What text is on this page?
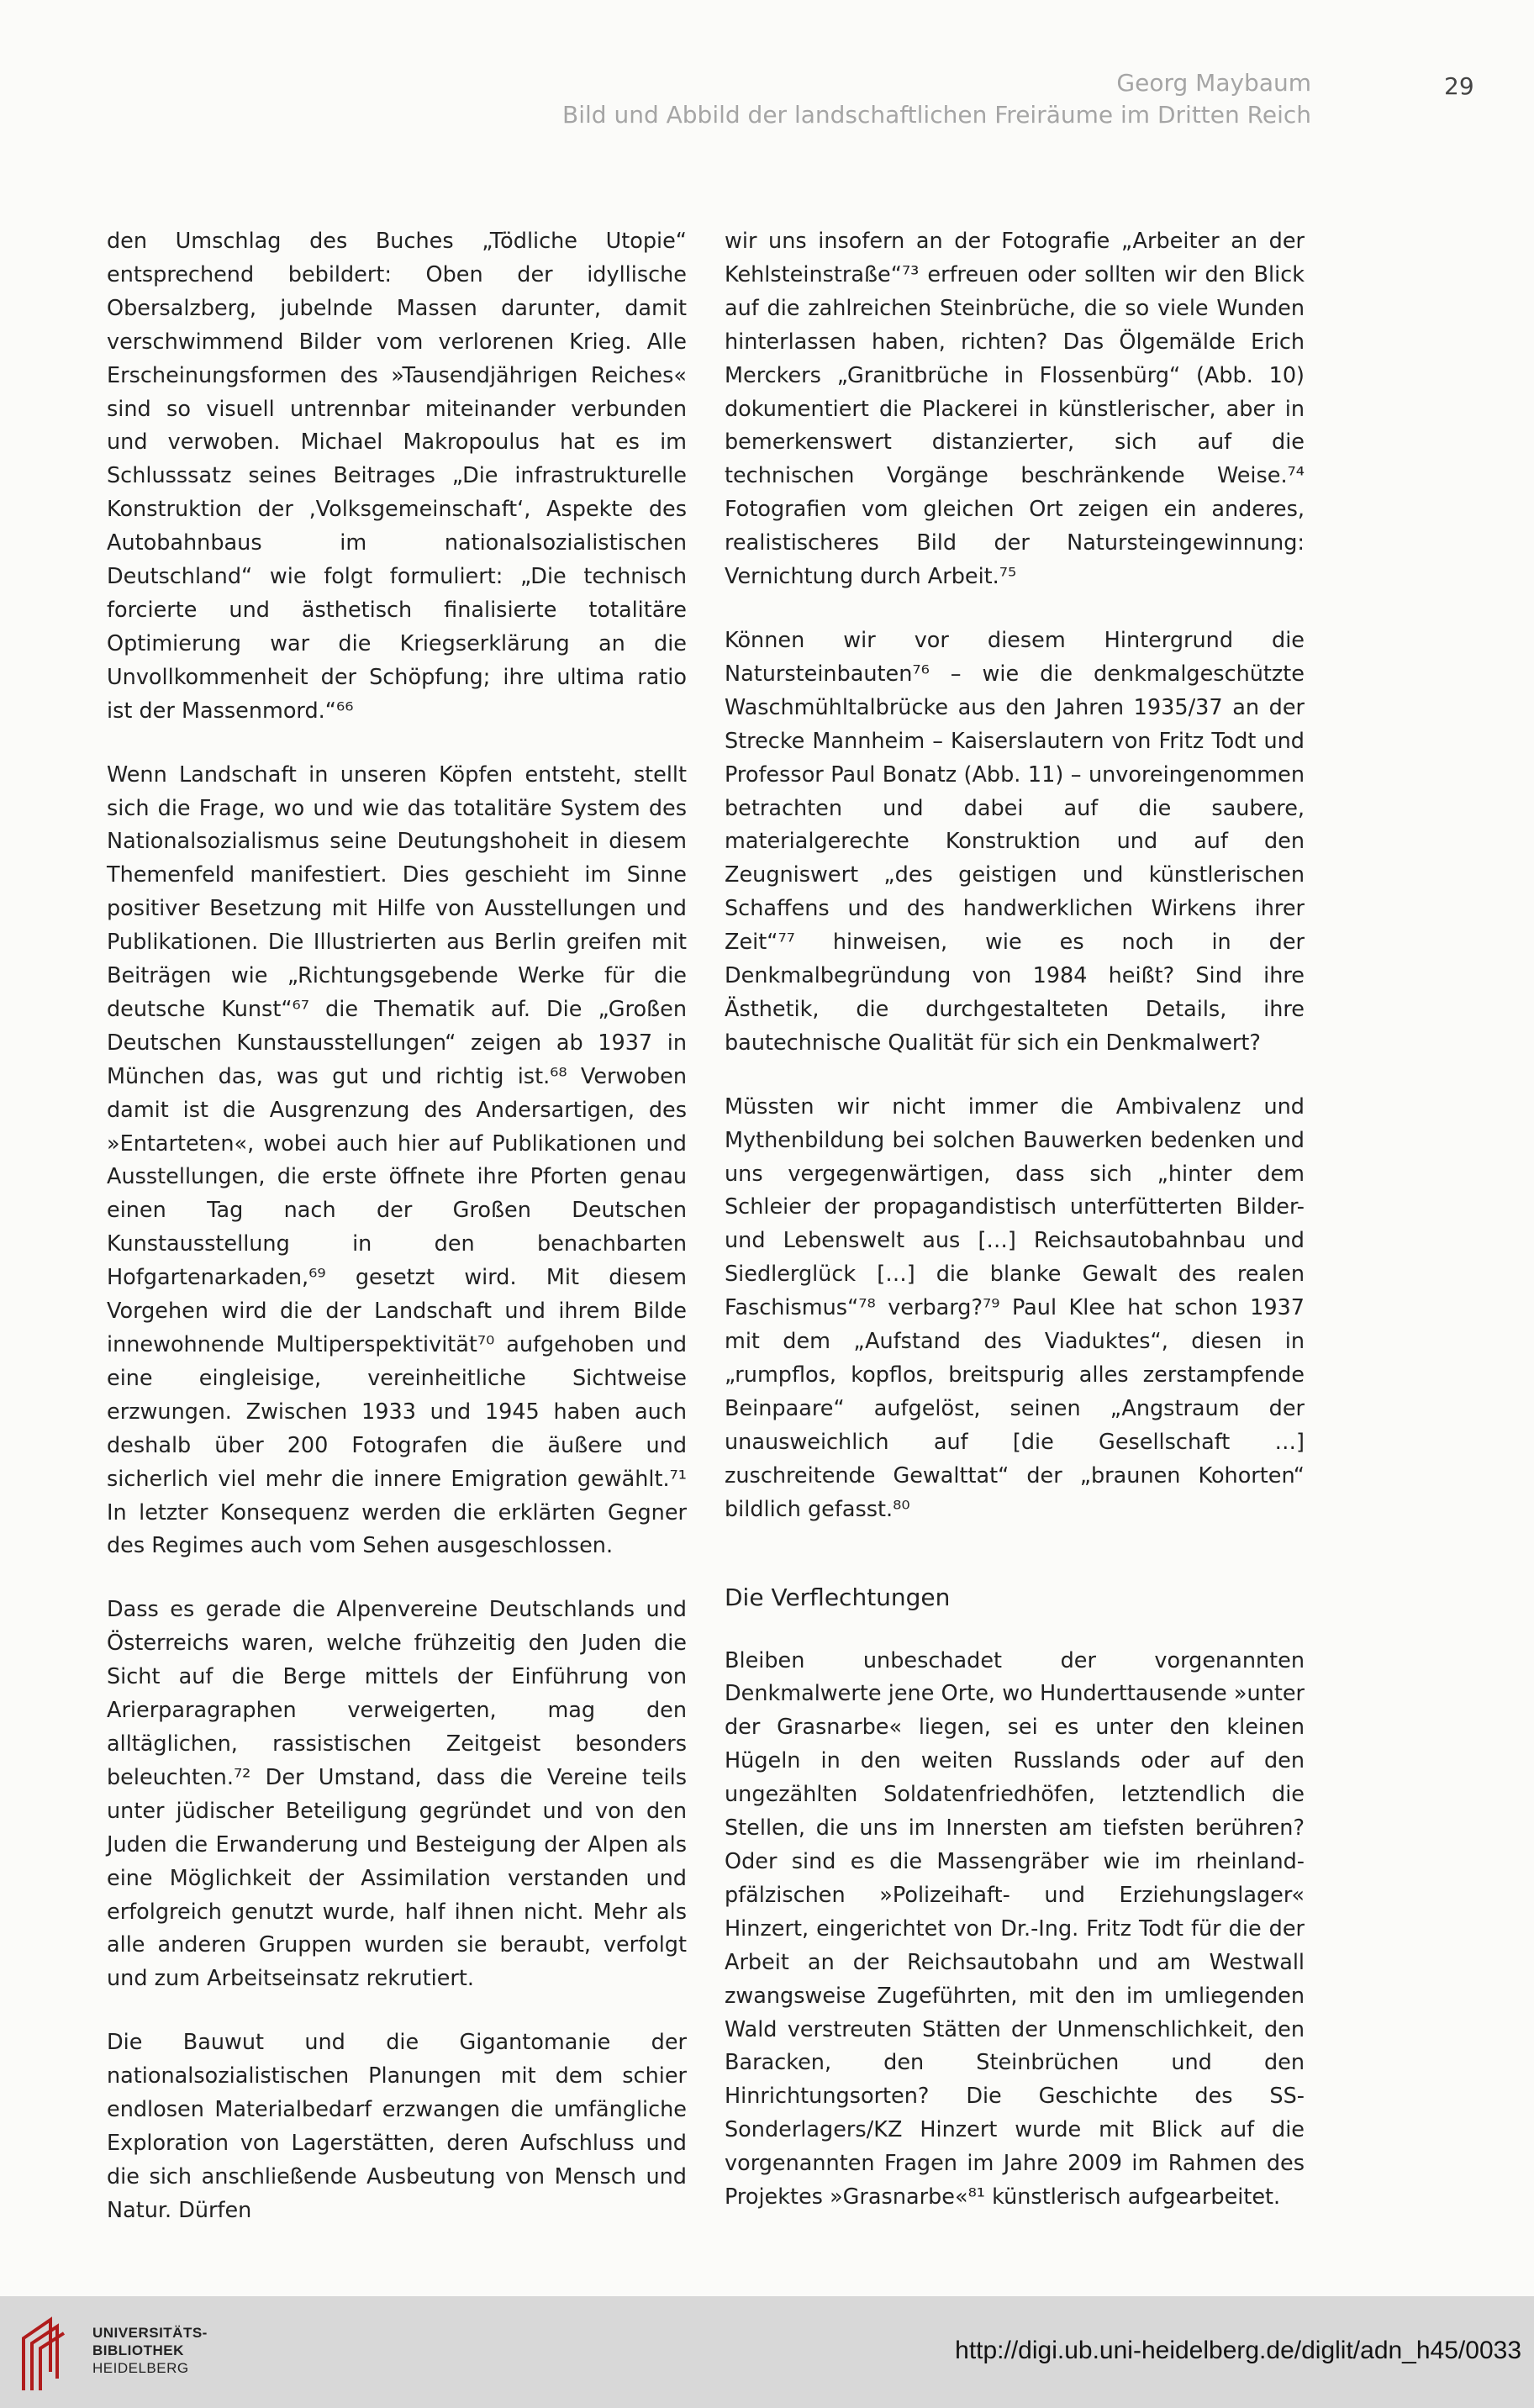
Georg Maybaum
Bild und Abbild der landschaftlichen Freiräume im Dritten Reich
29

den Umschlag des Buches „Tödliche Utopie“ entsprechend bebildert: Oben der idyllische Obersalzberg, jubelnde Massen darunter, damit verschwimmend Bilder vom verlorenen Krieg. Alle Erscheinungsformen des »Tausendjährigen Reiches« sind so visuell untrennbar miteinander verbunden und verwoben. Michael Makropoulus hat es im Schlusssatz seines Beitrages „Die infrastrukturelle Konstruktion der ‚Volksgemeinschaft‘, Aspekte des Autobahnbaus im nationalsozialistischen Deutschland“ wie folgt formuliert: „Die technisch forcierte und ästhetisch finalisierte totalitäre Optimierung war die Kriegserklärung an die Unvollkommenheit der Schöpfung; ihre ultima ratio ist der Massenmord.“⁶⁶

Wenn Landschaft in unseren Köpfen entsteht, stellt sich die Frage, wo und wie das totalitäre System des Nationalsozialismus seine Deutungshoheit in diesem Themenfeld manifestiert. Dies geschieht im Sinne positiver Besetzung mit Hilfe von Ausstellungen und Publikationen. Die Illustrierten aus Berlin greifen mit Beiträgen wie „Richtungsgebende Werke für die deutsche Kunst“⁶⁷ die Thematik auf. Die „Großen Deutschen Kunstausstellungen“ zeigen ab 1937 in München das, was gut und richtig ist.⁶⁸ Verwoben damit ist die Ausgrenzung des Andersartigen, des »Entarteten«, wobei auch hier auf Publikationen und Ausstellungen, die erste öffnete ihre Pforten genau einen Tag nach der Großen Deutschen Kunstausstellung in den benachbarten Hofgartenarkaden,⁶⁹ gesetzt wird. Mit diesem Vorgehen wird die der Landschaft und ihrem Bilde innewohnende Multiperspektivität⁷⁰ aufgehoben und eine eingleisige, vereinheitliche Sichtweise erzwungen. Zwischen 1933 und 1945 haben auch deshalb über 200 Fotografen die äußere und sicherlich viel mehr die innere Emigration gewählt.⁷¹ In letzter Konsequenz werden die erklärten Gegner des Regimes auch vom Sehen ausgeschlossen.

Dass es gerade die Alpenvereine Deutschlands und Österreichs waren, welche frühzeitig den Juden die Sicht auf die Berge mittels der Einführung von Arierparagraphen verweigerten, mag den alltäglichen, rassistischen Zeitgeist besonders beleuchten.⁷² Der Umstand, dass die Vereine teils unter jüdischer Beteiligung gegründet und von den Juden die Erwanderung und Besteigung der Alpen als eine Möglichkeit der Assimilation verstanden und erfolgreich genutzt wurde, half ihnen nicht. Mehr als alle anderen Gruppen wurden sie beraubt, verfolgt und zum Arbeitseinsatz rekrutiert.

Die Bauwut und die Gigantomanie der nationalsozialistischen Planungen mit dem schier endlosen Materialbedarf erzwangen die umfängliche Exploration von Lagerstätten, deren Aufschluss und die sich anschließende Ausbeutung von Mensch und Natur. Dürfen

wir uns insofern an der Fotografie „Arbeiter an der Kehlsteinstraße“⁷³ erfreuen oder sollten wir den Blick auf die zahlreichen Steinbrüche, die so viele Wunden hinterlassen haben, richten? Das Ölgemälde Erich Merckers „Granitbrüche in Flossenbürg“ (Abb. 10) dokumentiert die Plackerei in künstlerischer, aber in bemerkenswert distanzierter, sich auf die technischen Vorgänge beschränkende Weise.⁷⁴ Fotografien vom gleichen Ort zeigen ein anderes, realistischeres Bild der Natursteingewinnung: Vernichtung durch Arbeit.⁷⁵

Können wir vor diesem Hintergrund die Natursteinbauten⁷⁶ – wie die denkmalgeschützte Waschmühltalbrücke aus den Jahren 1935/37 an der Strecke Mannheim – Kaiserslautern von Fritz Todt und Professor Paul Bonatz (Abb. 11) – unvoreingenommen betrachten und dabei auf die saubere, materialgerechte Konstruktion und auf den Zeugniswert „des geistigen und künstlerischen Schaffens und des handwerklichen Wirkens ihrer Zeit“⁷⁷ hinweisen, wie es noch in der Denkmalbegründung von 1984 heißt? Sind ihre Ästhetik, die durchgestalteten Details, ihre bautechnische Qualität für sich ein Denkmalwert?

Müssten wir nicht immer die Ambivalenz und Mythenbildung bei solchen Bauwerken bedenken und uns vergegenwärtigen, dass sich „hinter dem Schleier der propagandistisch unterfütterten Bilder- und Lebenswelt aus […] Reichsautobahnbau und Siedlerglück […] die blanke Gewalt des realen Faschismus“⁷⁸ verbarg?⁷⁹ Paul Klee hat schon 1937 mit dem „Aufstand des Viaduktes“, diesen in „rumpflos, kopflos, breitspurig alles zerstampfende Beinpaare“ aufgelöst, seinen „Angstraum der unausweichlich auf [die Gesellschaft …] zuschreitende Gewalttat“ der „braunen Kohorten“ bildlich gefasst.⁸⁰

Die Verflechtungen

Bleiben unbeschadet der vorgenannten Denkmalwerte jene Orte, wo Hunderttausende »unter der Grasnarbe« liegen, sei es unter den kleinen Hügeln in den weiten Russlands oder auf den ungezählten Soldatenfriedhöfen, letztendlich die Stellen, die uns im Innersten am tiefsten berühren? Oder sind es die Massengräber wie im rheinland-pfälzischen »Polizeihaft- und Erziehungslager« Hinzert, eingerichtet von Dr.-Ing. Fritz Todt für die der Arbeit an der Reichsautobahn und am Westwall zwangsweise Zugeführten, mit den im umliegenden Wald verstreuten Stätten der Unmenschlichkeit, den Baracken, den Steinbrüchen und den Hinrichtungsorten? Die Geschichte des SS-Sonderlagers/KZ Hinzert wurde mit Blick auf die vorgenannten Fragen im Jahre 2009 im Rahmen des Projektes »Grasnarbe«⁸¹ künstlerisch aufgearbeitet.

UNIVERSITÄTS-
BIBLIOTHEK
HEIDELBERG
http://digi.ub.uni-heidelberg.de/diglit/adn_h45/0033
